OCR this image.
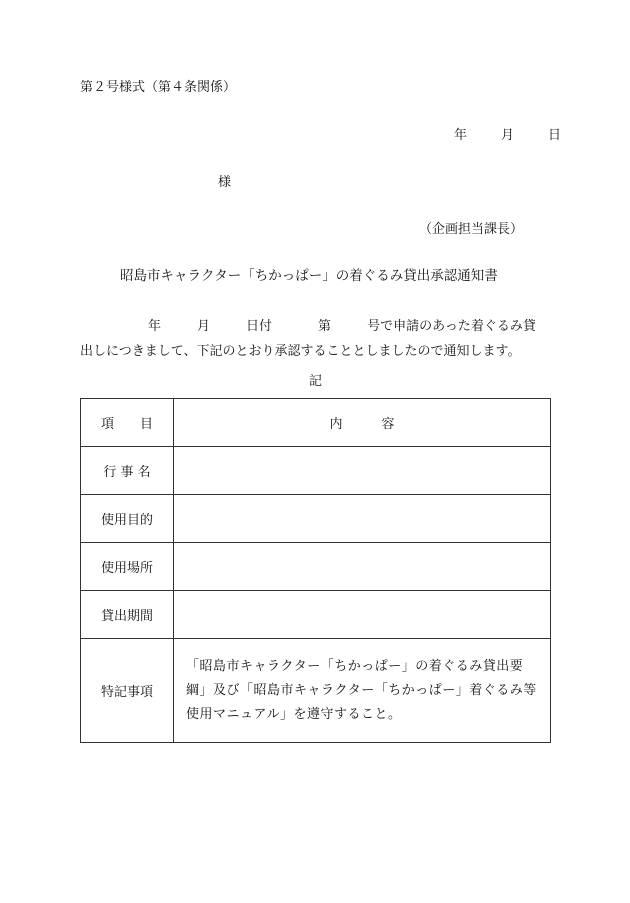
第２号様式（第４条関係）
年	月	日
様
（企画担当課長）
昭島市キャラクター「ちかっぱー」の着ぐるみ貸出承認通知書
年	月	日付	第	号で申請のあった着ぐるみ貸
出しにつきまして、下記のとおり承認することとしましたので通知します。
記
項　　目	内　　　容
行 事 名	
使用目的	
使用場所	
貸出期間	
特記事項	「昭島市キャラクター「ちかっぱー」の着ぐるみ貸出要綱」及び「昭島市キャラクター「ちかっぱー」着ぐるみ等使用マニュアル」を遵守すること。
